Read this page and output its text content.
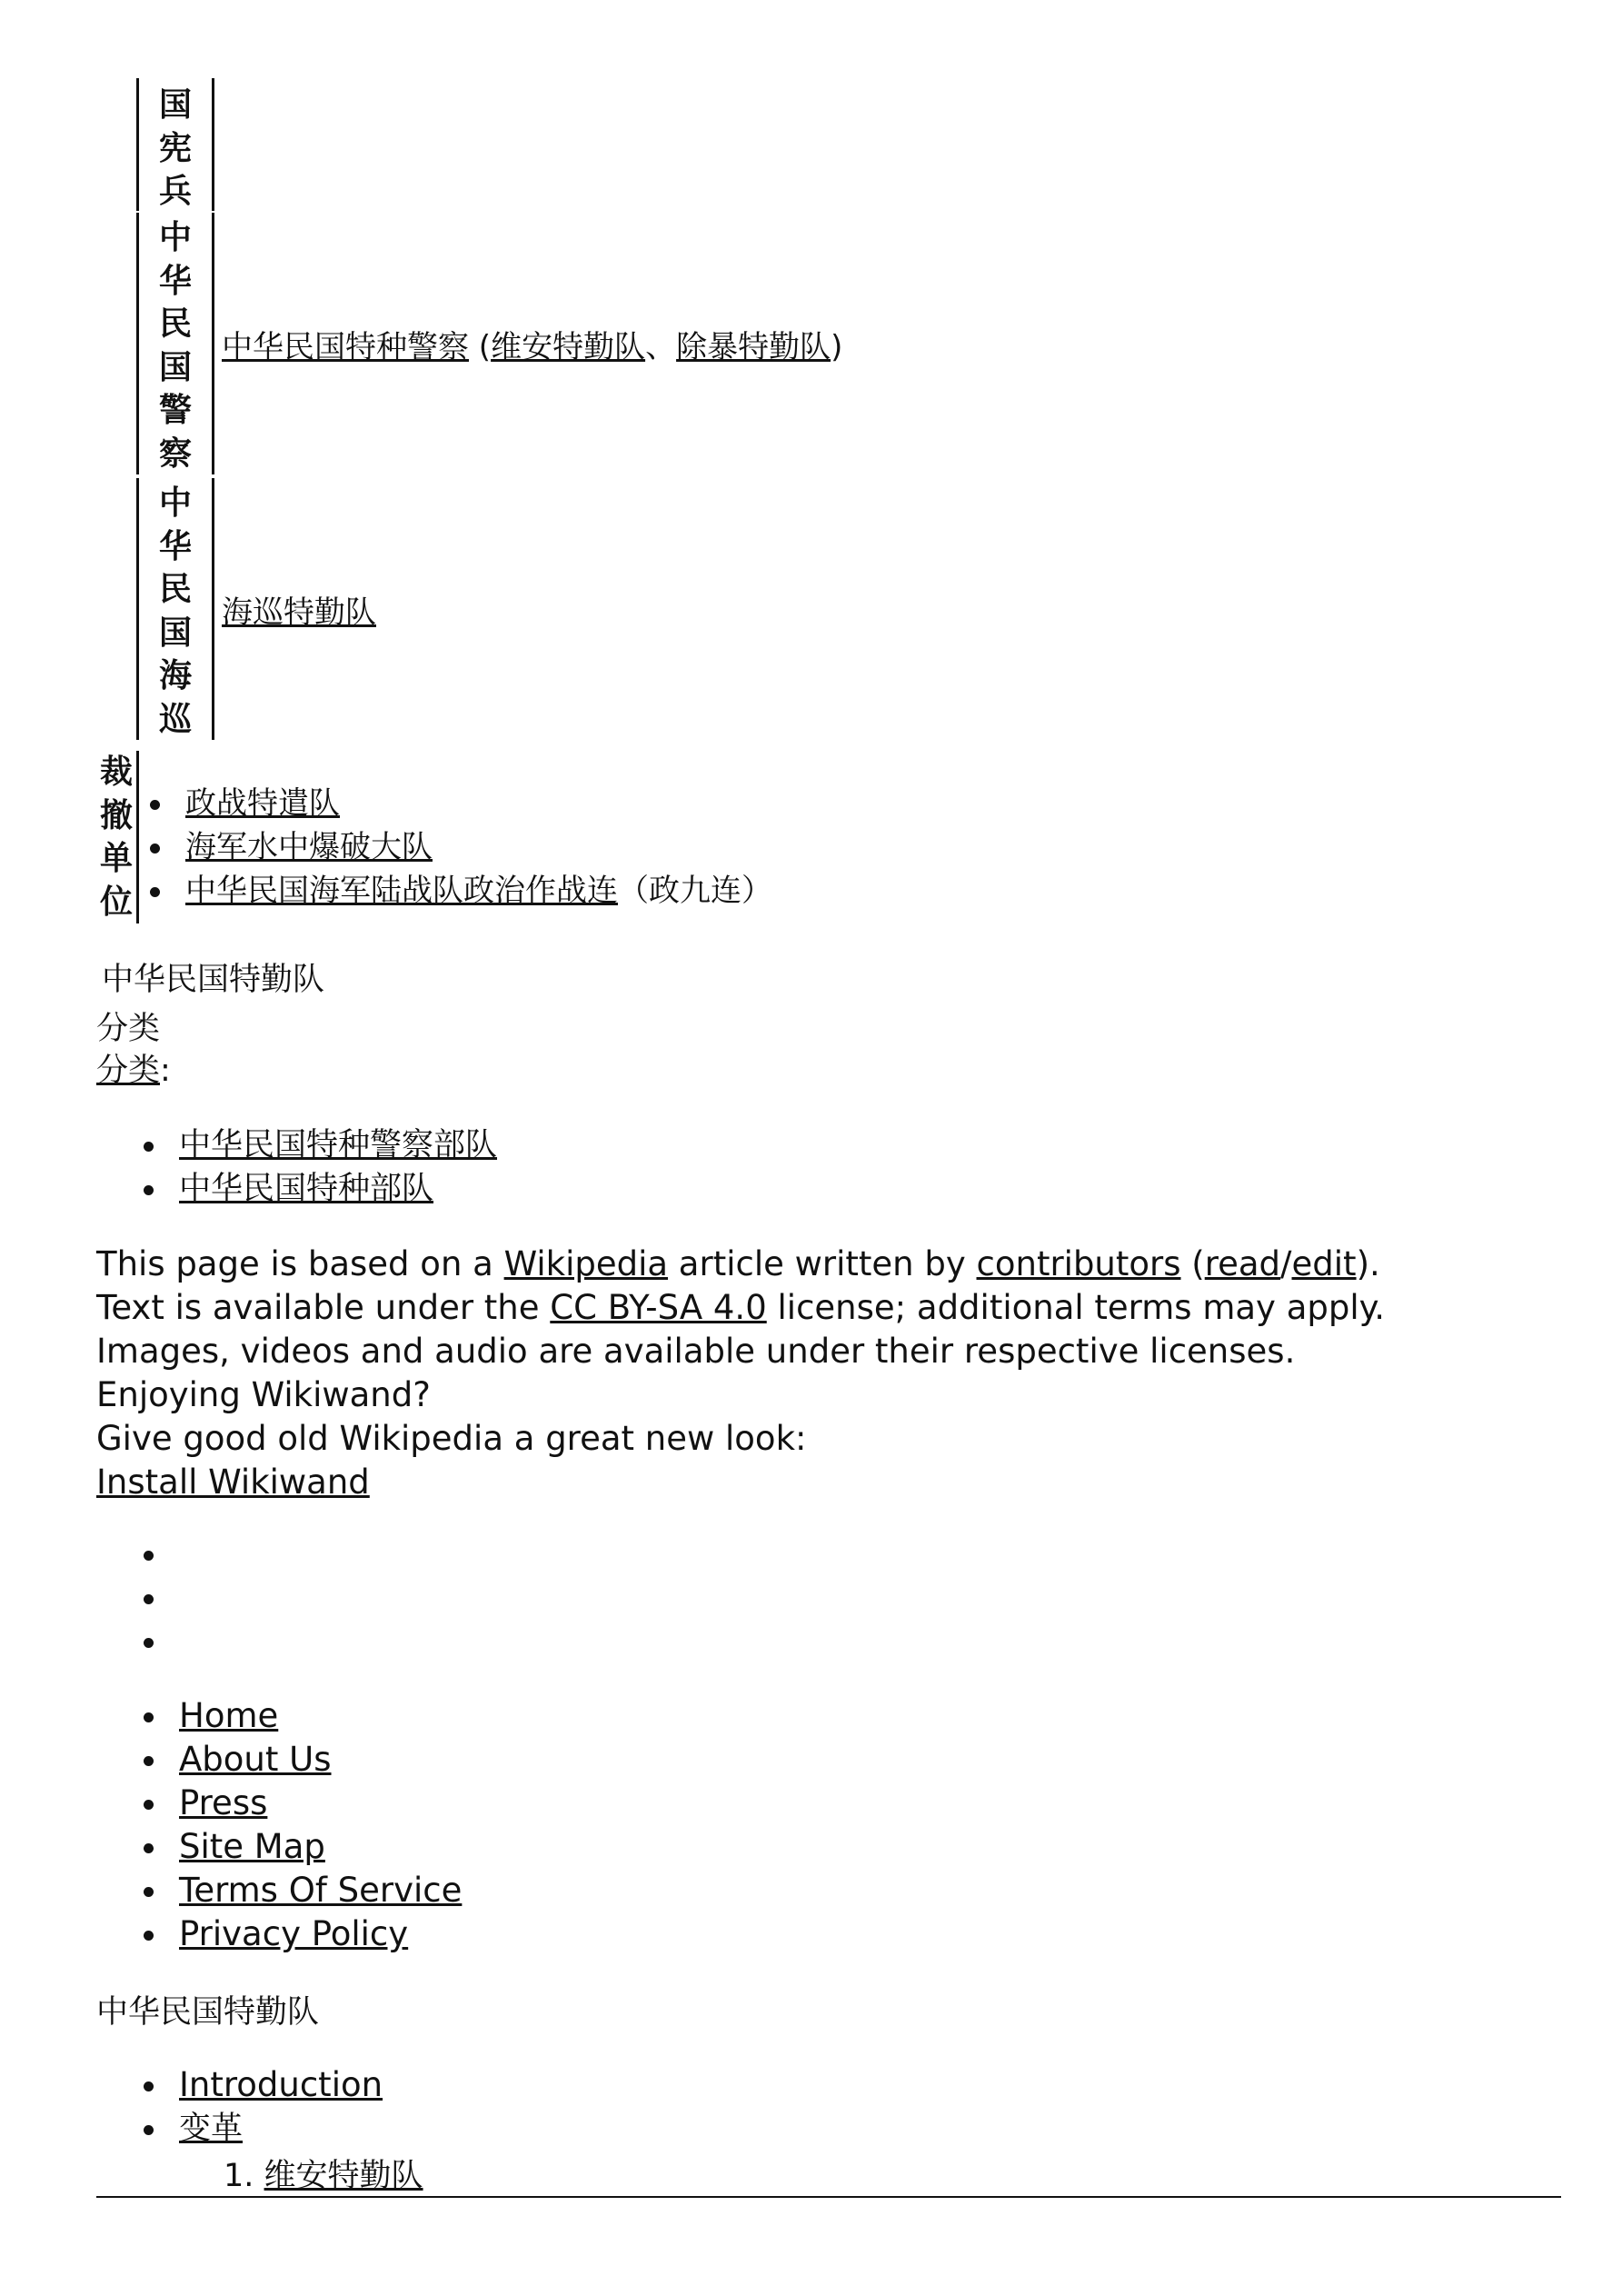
国宪兵
中华民国警察
中华民国特种警察 (维安特勤队、除暴特勤队)
中华民国海巡
海巡特勤队
裁撤单位
政战特遣队
海军水中爆破大队
中华民国海军陆战队政治作战连（政九连）
中华民国特勤队
分类
分类:
中华民国特种警察部队
中华民国特种部队
This page is based on a Wikipedia article written by contributors (read/edit).
Text is available under the CC BY-SA 4.0 license; additional terms may apply.
Images, videos and audio are available under their respective licenses.
Enjoying Wikiwand?
Give good old Wikipedia a great new look:
Install Wikiwand
Home
About Us
Press
Site Map
Terms Of Service
Privacy Policy
中华民国特勤队
Introduction
变革
1. 维安特勤队
